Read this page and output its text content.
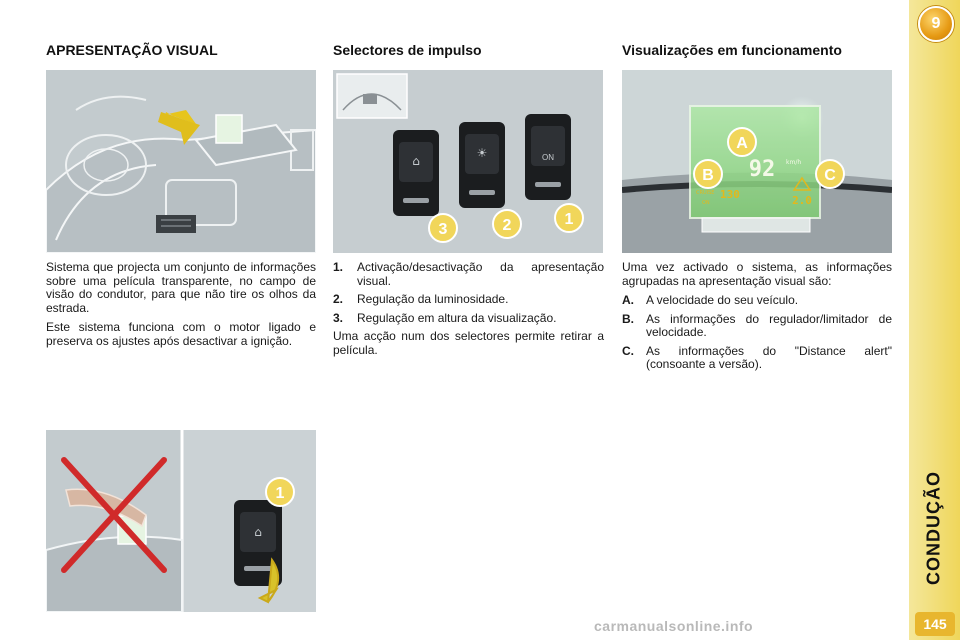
APRESENTAÇÃO VISUAL

Sistema que projecta um conjunto de informações sobre uma película transparente, no campo de visão do condutor, para que não tire os olhos da estrada.

Este sistema funciona com o motor ligado e preserva os ajustes após desactivar a ignição.

Selectores de impulso
⌂
☀	ON
3	2	1
1. Activação/desactivação da apresentação visual.
2. Regulação da luminosidade.
3. Regulação em altura da visualização.

Uma acção num dos selectores permite retirar a película.

Visualizações em funcionamento
92 km/h
CRUISE 130
ON	2.0
A
B	C

Uma vez activado o sistema, as informações agrupadas na apresentação visual são:

A. A velocidade do seu veículo.
B. As informações do regulador/limitador de velocidade.
C. As informações do "Distance alert" (consoante a versão).
⌂
1
9
CONDUÇÃO
145
carmanualsonline.info
